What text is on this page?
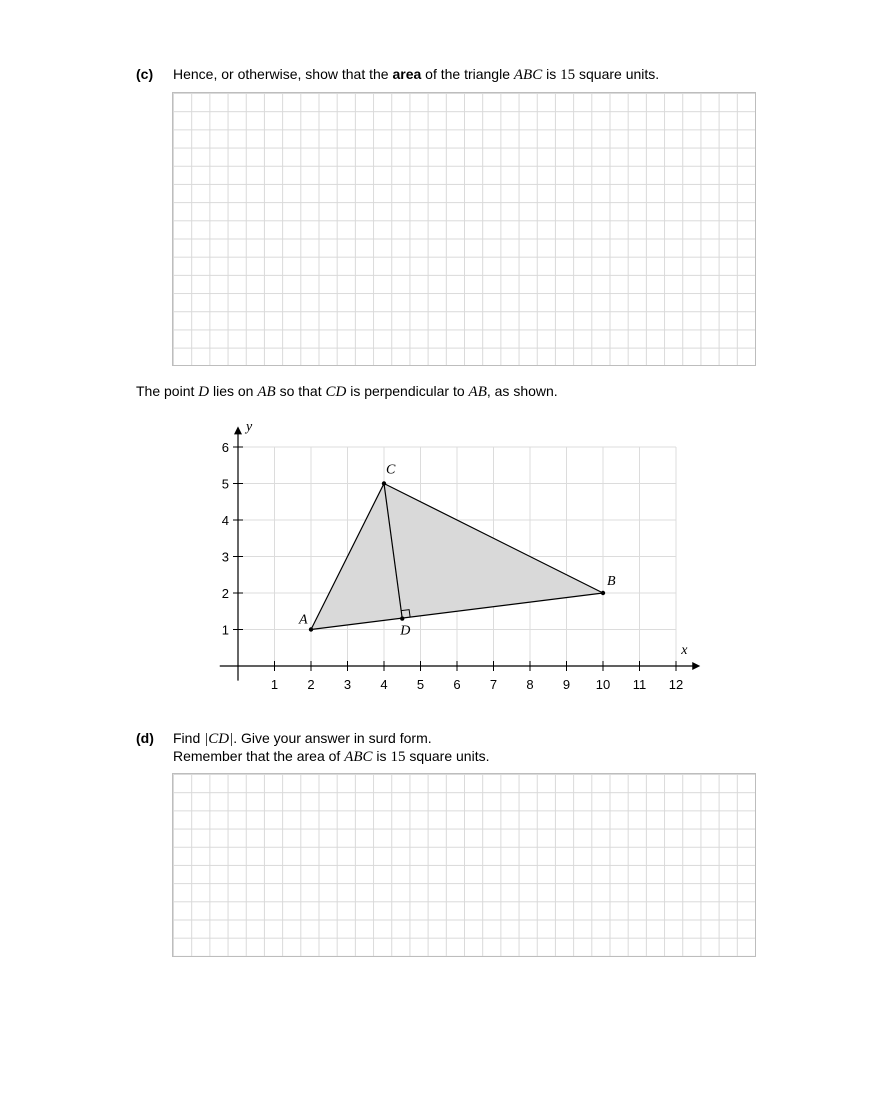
(c) Hence, or otherwise, show that the area of the triangle ABC is 15 square units.
The point D lies on AB so that CD is perpendicular to AB, as shown.
x
y
1 2 3 4 5 6 7 8 9 10 11 12
1
2
3
4
5
6
A
B
C
D
(d) Find |CD|. Give your answer in surd form.
Remember that the area of ABC is 15 square units.
